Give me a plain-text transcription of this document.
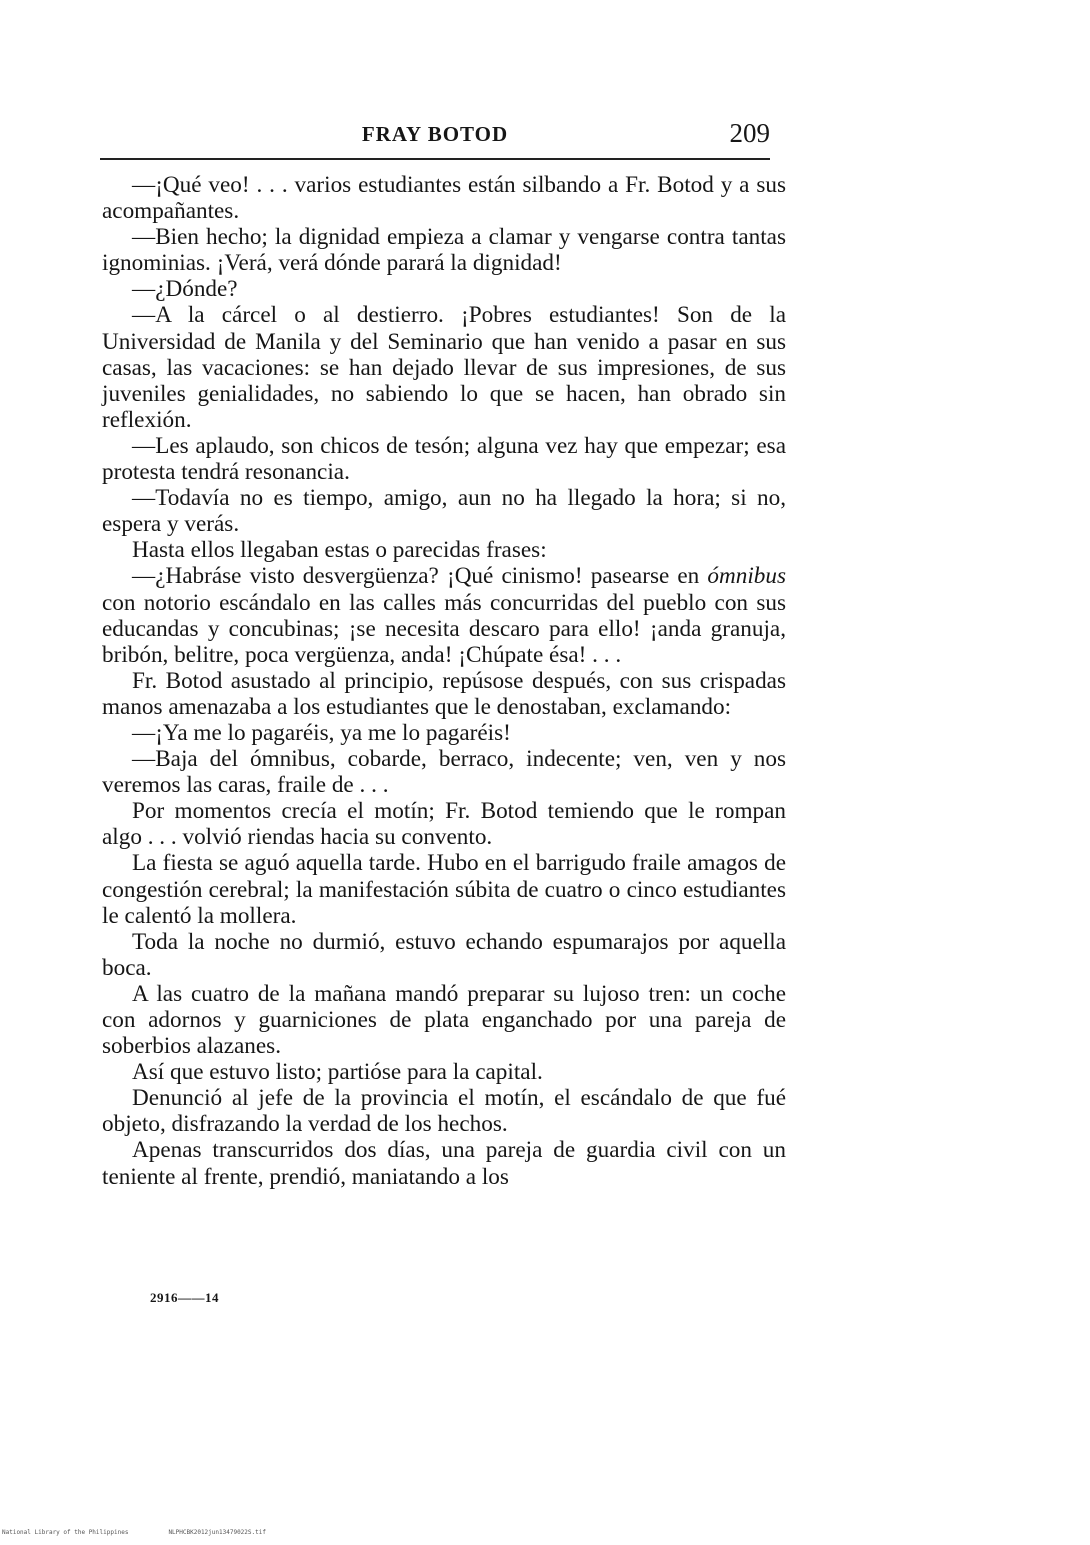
FRAY BOTOD	209

—¡Qué veo! . . . varios estudiantes están silbando a Fr. Botod y a sus acompañantes.

—Bien hecho; la dignidad empieza a clamar y vengarse contra tantas ignominias. ¡Verá, verá dónde parará la dignidad!

—¿Dónde?

—A la cárcel o al destierro. ¡Pobres estudiantes! Son de la Universidad de Manila y del Seminario que han venido a pasar en sus casas, las vacaciones: se han dejado llevar de sus impresiones, de sus juveniles genialidades, no sabiendo lo que se hacen, han obrado sin reflexión.

—Les aplaudo, son chicos de tesón; alguna vez hay que empezar; esa protesta tendrá resonancia.

—Todavía no es tiempo, amigo, aun no ha llegado la hora; si no, espera y verás.

Hasta ellos llegaban estas o parecidas frases:

—¿Habráse visto desvergüenza? ¡Qué cinismo! pasearse en ómnibus con notorio escándalo en las calles más concurridas del pueblo con sus educandas y concubinas; ¡se necesita descaro para ello! ¡anda granuja, bribón, belitre, poca vergüenza, anda! ¡Chúpate ésa! . . .

Fr. Botod asustado al principio, repúsose después, con sus crispadas manos amenazaba a los estudiantes que le denostaban, exclamando:

—¡Ya me lo pagaréis, ya me lo pagaréis!

—Baja del ómnibus, cobarde, berraco, indecente; ven, ven y nos veremos las caras, fraile de . . .

Por momentos crecía el motín; Fr. Botod temiendo que le rompan algo . . . volvió riendas hacia su convento.

La fiesta se aguó aquella tarde. Hubo en el barrigudo fraile amagos de congestión cerebral; la manifestación súbita de cuatro o cinco estudiantes le calentó la mollera.

Toda la noche no durmió, estuvo echando espumarajos por aquella boca.

A las cuatro de la mañana mandó preparar su lujoso tren: un coche con adornos y guarniciones de plata enganchado por una pareja de soberbios alazanes.

Así que estuvo listo; partióse para la capital.

Denunció al jefe de la provincia el motín, el escándalo de que fué objeto, disfrazando la verdad de los hechos.

Apenas transcurridos dos días, una pareja de guardia civil con un teniente al frente, prendió, maniatando a los

2916——14
National Library of the Philippines	NLPHCBK2012jun13479022S.tif
